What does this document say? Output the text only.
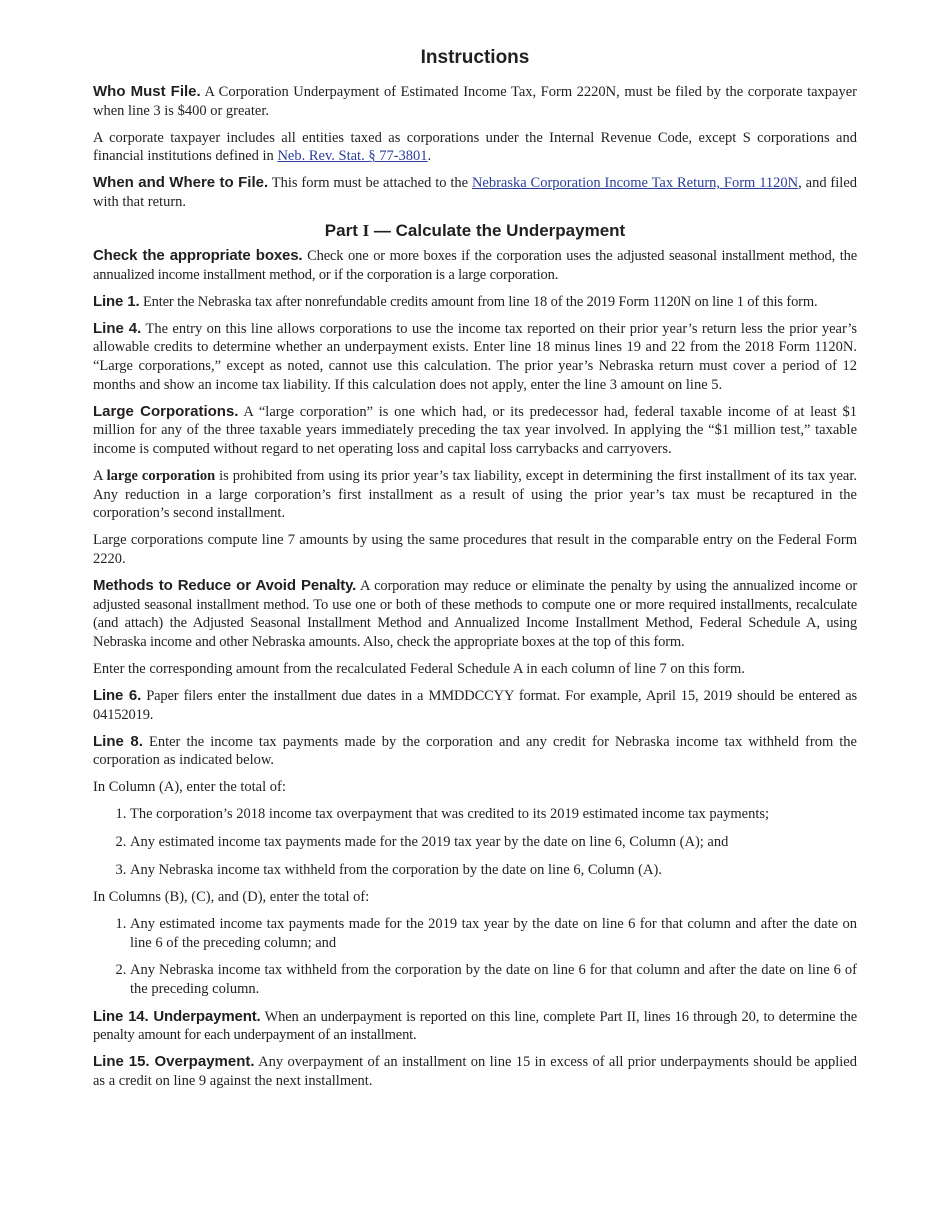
Instructions

Who Must File. A Corporation Underpayment of Estimated Income Tax, Form 2220N, must be filed by the corporate taxpayer when line 3 is $400 or greater.

A corporate taxpayer includes all entities taxed as corporations under the Internal Revenue Code, except S corporations and financial institutions defined in Neb. Rev. Stat. § 77-3801.

When and Where to File. This form must be attached to the Nebraska Corporation Income Tax Return, Form 1120N, and filed with that return.

Part I — Calculate the Underpayment

Check the appropriate boxes. Check one or more boxes if the corporation uses the adjusted seasonal installment method, the annualized income installment method, or if the corporation is a large corporation.

Line 1. Enter the Nebraska tax after nonrefundable credits amount from line 18 of the 2019 Form 1120N on line 1 of this form.

Line 4. The entry on this line allows corporations to use the income tax reported on their prior year’s return less the prior year’s allowable credits to determine whether an underpayment exists. Enter line 18 minus lines 19 and 22 from the 2018 Form 1120N. “Large corporations,” except as noted, cannot use this calculation. The prior year’s Nebraska return must cover a period of 12 months and show an income tax liability. If this calculation does not apply, enter the line 3 amount on line 5.

Large Corporations. A “large corporation” is one which had, or its predecessor had, federal taxable income of at least $1 million for any of the three taxable years immediately preceding the tax year involved. In applying the “$1 million test,” taxable income is computed without regard to net operating loss and capital loss carrybacks and carryovers.

A large corporation is prohibited from using its prior year’s tax liability, except in determining the first installment of its tax year. Any reduction in a large corporation’s first installment as a result of using the prior year’s tax must be recaptured in the corporation’s second installment.

Large corporations compute line 7 amounts by using the same procedures that result in the comparable entry on the Federal Form 2220.

Methods to Reduce or Avoid Penalty. A corporation may reduce or eliminate the penalty by using the annualized income or adjusted seasonal installment method. To use one or both of these methods to compute one or more required installments, recalculate (and attach) the Adjusted Seasonal Installment Method and Annualized Income Installment Method, Federal Schedule A, using Nebraska income and other Nebraska amounts. Also, check the appropriate boxes at the top of this form.

Enter the corresponding amount from the recalculated Federal Schedule A in each column of line 7 on this form.

Line 6. Paper filers enter the installment due dates in a MMDDCCYY format. For example, April 15, 2019 should be entered as 04152019.

Line 8. Enter the income tax payments made by the corporation and any credit for Nebraska income tax withheld from the corporation as indicated below.

In Column (A), enter the total of:

1. The corporation’s 2018 income tax overpayment that was credited to its 2019 estimated income tax payments;
2. Any estimated income tax payments made for the 2019 tax year by the date on line 6, Column (A); and
3. Any Nebraska income tax withheld from the corporation by the date on line 6, Column (A).

In Columns (B), (C), and (D), enter the total of:

1. Any estimated income tax payments made for the 2019 tax year by the date on line 6 for that column and after the date on line 6 of the preceding column; and
2. Any Nebraska income tax withheld from the corporation by the date on line 6 for that column and after the date on line 6 of the preceding column.

Line 14. Underpayment. When an underpayment is reported on this line, complete Part II, lines 16 through 20, to determine the penalty amount for each underpayment of an installment.

Line 15. Overpayment. Any overpayment of an installment on line 15 in excess of all prior underpayments should be applied as a credit on line 9 against the next installment.
